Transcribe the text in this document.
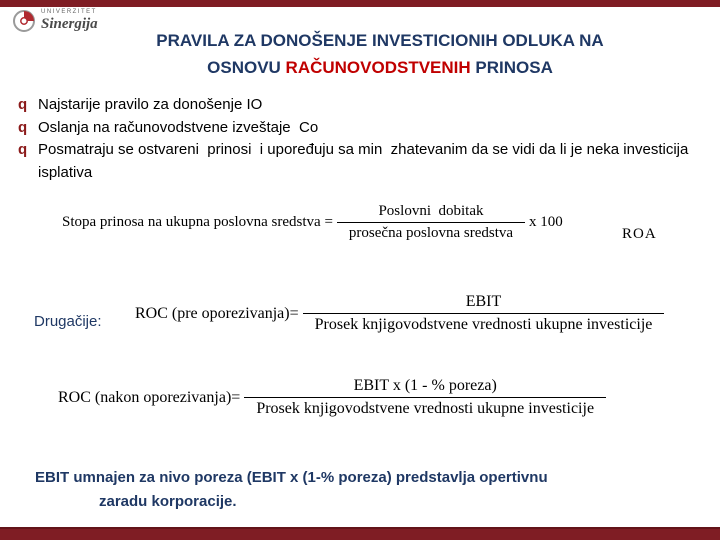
UNIVERZITET
Sinergija
PRAVILA ZA DONOŠENJE INVESTICIONIH ODLUKA NA
OSNOVU RAČUNOVODSTVENIH PRINOSA
q Najstarije pravilo za donošenje IO
q Oslanja na računovodstvene izveštaje  Co
q Posmatraju se ostvareni  prinosi  i upoređuju sa min  zhatevanim da se vidi da li je neka investicija isplativa
Stopa prinosa na ukupna poslovna sredstva = $\frac{\text{Poslovni  dobitak}}{\text{prosečna poslovna sredstva}}$ x 100
ROA
Drugačije: ROC (pre oporezivanja)= $\frac{\text{EBIT}}{\text{Prosek knjigovodstvene vrednosti ukupne investicije}}$
ROC (nakon oporezivanja)= $\frac{\text{EBIT x (1 - \% poreza)}}{\text{Prosek knjigovodstvene vrednosti ukupne investicije}}$
EBIT umnajen za nivo poreza (EBIT x (1-% poreza) predstavlja opertivnu
zaradu korporacije.
